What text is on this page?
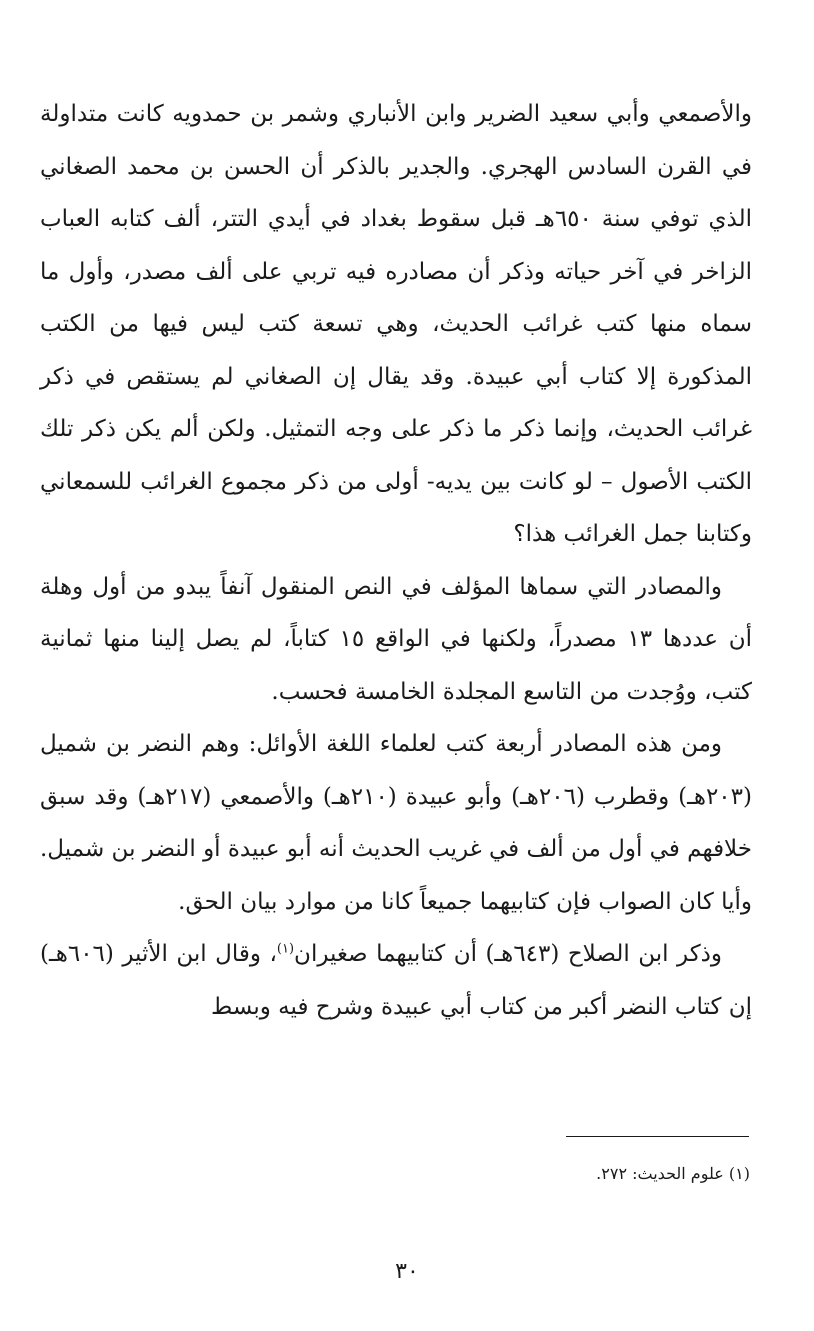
والأصمعي وأبي سعيد الضرير وابن الأنباري وشمر بن حمدويه كانت متداولة في القرن السادس الهجري. والجدير بالذكر أن الحسن بن محمد الصغاني الذي توفي سنة ٦٥٠هـ قبل سقوط بغداد في أيدي التتر، ألف كتابه العباب الزاخر في آخر حياته وذكر أن مصادره فيه تربي على ألف مصدر، وأول ما سماه منها كتب غرائب الحديث، وهي تسعة كتب ليس فيها من الكتب المذكورة إلا كتاب أبي عبيدة. وقد يقال إن الصغاني لم يستقص في ذكر غرائب الحديث، وإنما ذكر ما ذكر على وجه التمثيل. ولكن ألم يكن ذكر تلك الكتب الأصول – لو كانت بين يديه- أولى من ذكر مجموع الغرائب للسمعاني وكتابنا جمل الغرائب هذا؟

والمصادر التي سماها المؤلف في النص المنقول آنفاً يبدو من أول وهلة أن عددها ١٣ مصدراً، ولكنها في الواقع ١٥ كتاباً، لم يصل إلينا منها ثمانية كتب، ووُجدت من التاسع المجلدة الخامسة فحسب.

ومن هذه المصادر أربعة كتب لعلماء اللغة الأوائل: وهم النضر بن شميل (٢٠٣هـ) وقطرب (٢٠٦هـ) وأبو عبيدة (٢١٠هـ) والأصمعي (٢١٧هـ) وقد سبق خلافهم في أول من ألف في غريب الحديث أنه أبو عبيدة أو النضر بن شميل. وأيا كان الصواب فإن كتابيهما جميعاً كانا من موارد بيان الحق.

وذكر ابن الصلاح (٦٤٣هـ) أن كتابيهما صغيران$^{(١)}$، وقال ابن الأثير (٦٠٦هـ) إن كتاب النضر أكبر من كتاب أبي عبيدة وشرح فيه وبسط

(١) علوم الحديث: ٢٧٢.

٣٠
